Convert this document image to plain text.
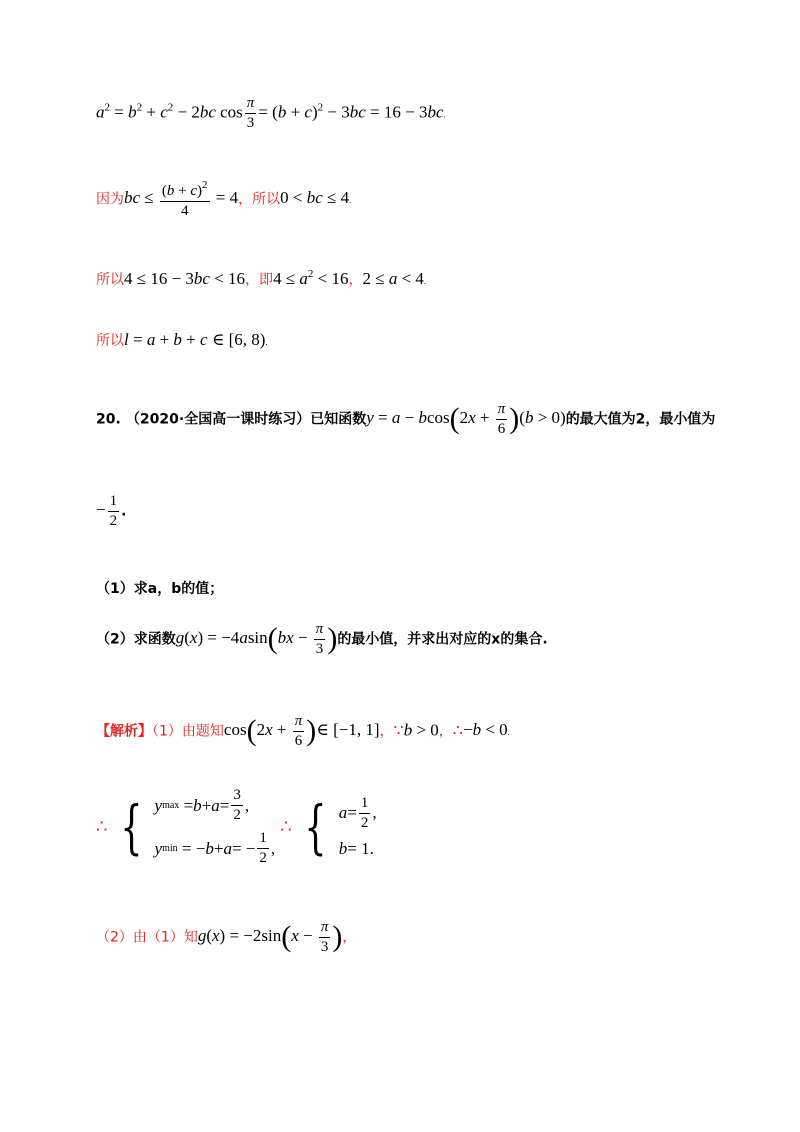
$a^2 = b^2 + c^2 - 2bc$ $\cos \frac{\pi}{3} = (b + c)^2 - 3bc = 16 - 3bc$.
因为bc ≤ $\frac{(b + c)^2}{4} = 4$，所以0 < bc ≤ 4.
所以4 ≤ 16 − 3bc < 16，即$4 \le a^2 < 16$，2 ≤ a < 4.
所以l = a + b + c ∈ [6, 8).
20. （2020·全国高一课时练习）已知函数$y = a - bcos(2x + \frac{\pi}{6} )(b > 0)$的最大值为2，最小值为
− $\frac{1}{2}$ .
（1）求a，b的值；
（2）求函数$g(x) = -4asin(bx - \frac{\pi}{3}$ )的最小值，并求出对应的x的集合.
【解析】（1）由题知$\cos(2x + \frac{\pi}{6}$ )∈ [−1, 1]，∵b > 0，∴−b < 0.
∴ { y $\max = b + a = \frac{3}{2}$ ,
y min = − b + a = − $\frac{1}{2}$ ,
∴ { $a = \frac{1}{2}$ ,
b = 1.
（2）由（1）知$g(x) = -2\sin(x - \frac{\pi}{3}$ )，
